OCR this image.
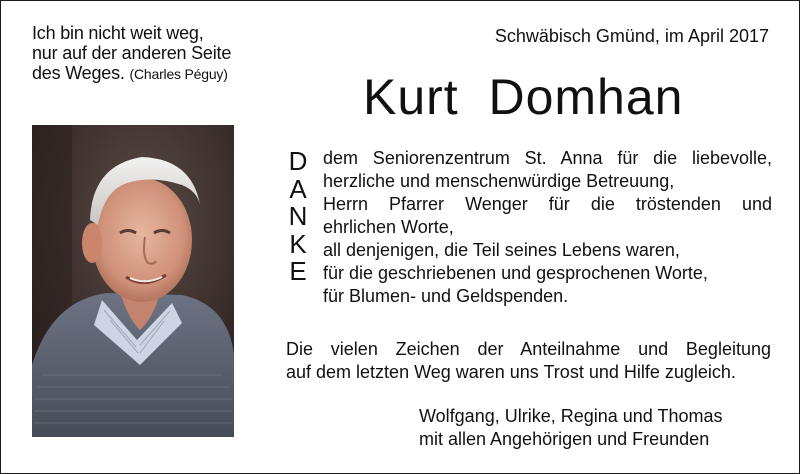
Ich bin nicht weit weg,
nur auf der anderen Seite
des Weges. (Charles Péguy)
Schwäbisch Gmünd, im April 2017
Kurt  Domhan
D
A
N
K
E
dem Seniorenzentrum St. Anna für die liebevolle,
herzliche und menschenwürdige Betreuung,
Herrn Pfarrer Wenger für die tröstenden und
ehrlichen Worte,
all denjenigen, die Teil seines Lebens waren,
für die geschriebenen und gesprochenen Worte,
für Blumen- und Geldspenden.
Die vielen Zeichen der Anteilnahme und Begleitung
auf dem letzten Weg waren uns Trost und Hilfe zugleich.
Wolfgang, Ulrike, Regina und Thomas
mit allen Angehörigen und Freunden
